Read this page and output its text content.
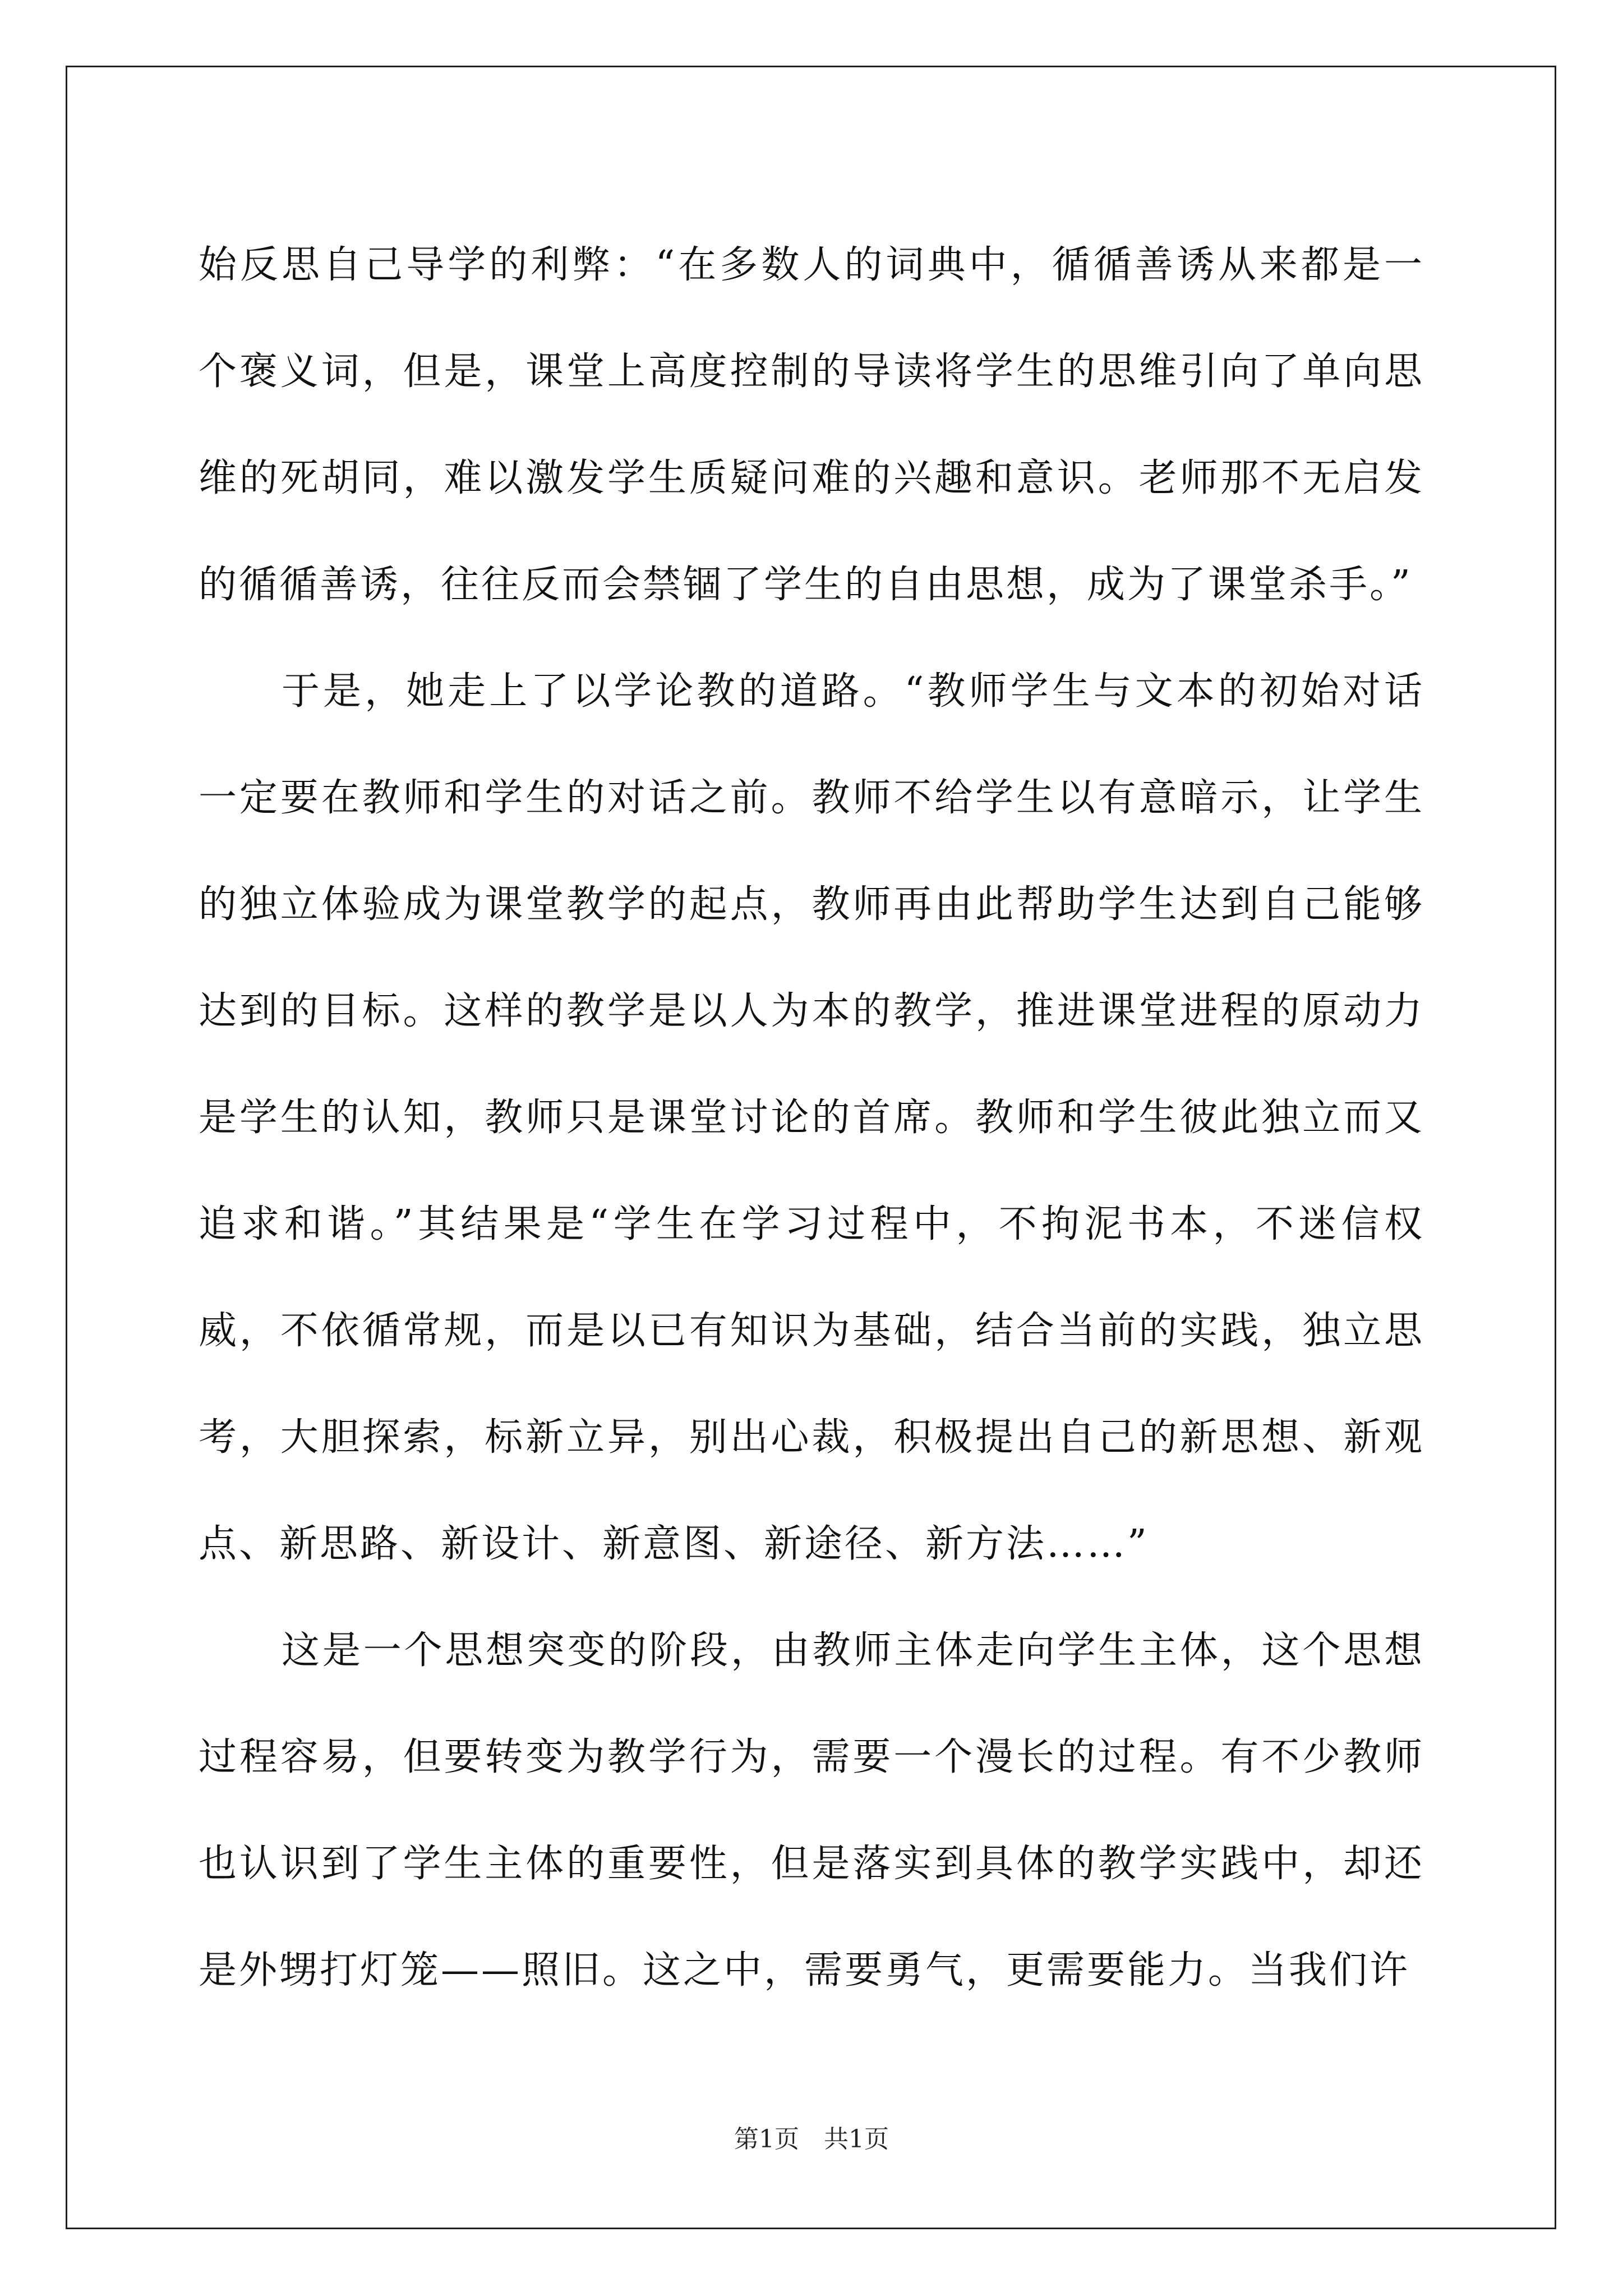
始反思自己导学的利弊：“在多数人的词典中，循循善诱从来都是一个褒义词，但是，课堂上高度控制的导读将学生的思维引向了单向思维的死胡同，难以激发学生质疑问难的兴趣和意识。老师那不无启发的循循善诱，往往反而会禁锢了学生的自由思想，成为了课堂杀手。”

于是，她走上了以学论教的道路。“教师学生与文本的初始对话一定要在教师和学生的对话之前。教师不给学生以有意暗示，让学生的独立体验成为课堂教学的起点，教师再由此帮助学生达到自己能够达到的目标。这样的教学是以人为本的教学，推进课堂进程的原动力是学生的认知，教师只是课堂讨论的首席。教师和学生彼此独立而又追求和谐。”其结果是“学生在学习过程中，不拘泥书本，不迷信权威，不依循常规，而是以已有知识为基础，结合当前的实践，独立思考，大胆探索，标新立异，别出心裁，积极提出自己的新思想、新观点、新思路、新设计、新意图、新途径、新方法……”

这是一个思想突变的阶段，由教师主体走向学生主体，这个思想过程容易，但要转变为教学行为，需要一个漫长的过程。有不少教师也认识到了学生主体的重要性，但是落实到具体的教学实践中，却还是外甥打灯笼——照旧。这之中，需要勇气，更需要能力。当我们许

第1页　共1页
